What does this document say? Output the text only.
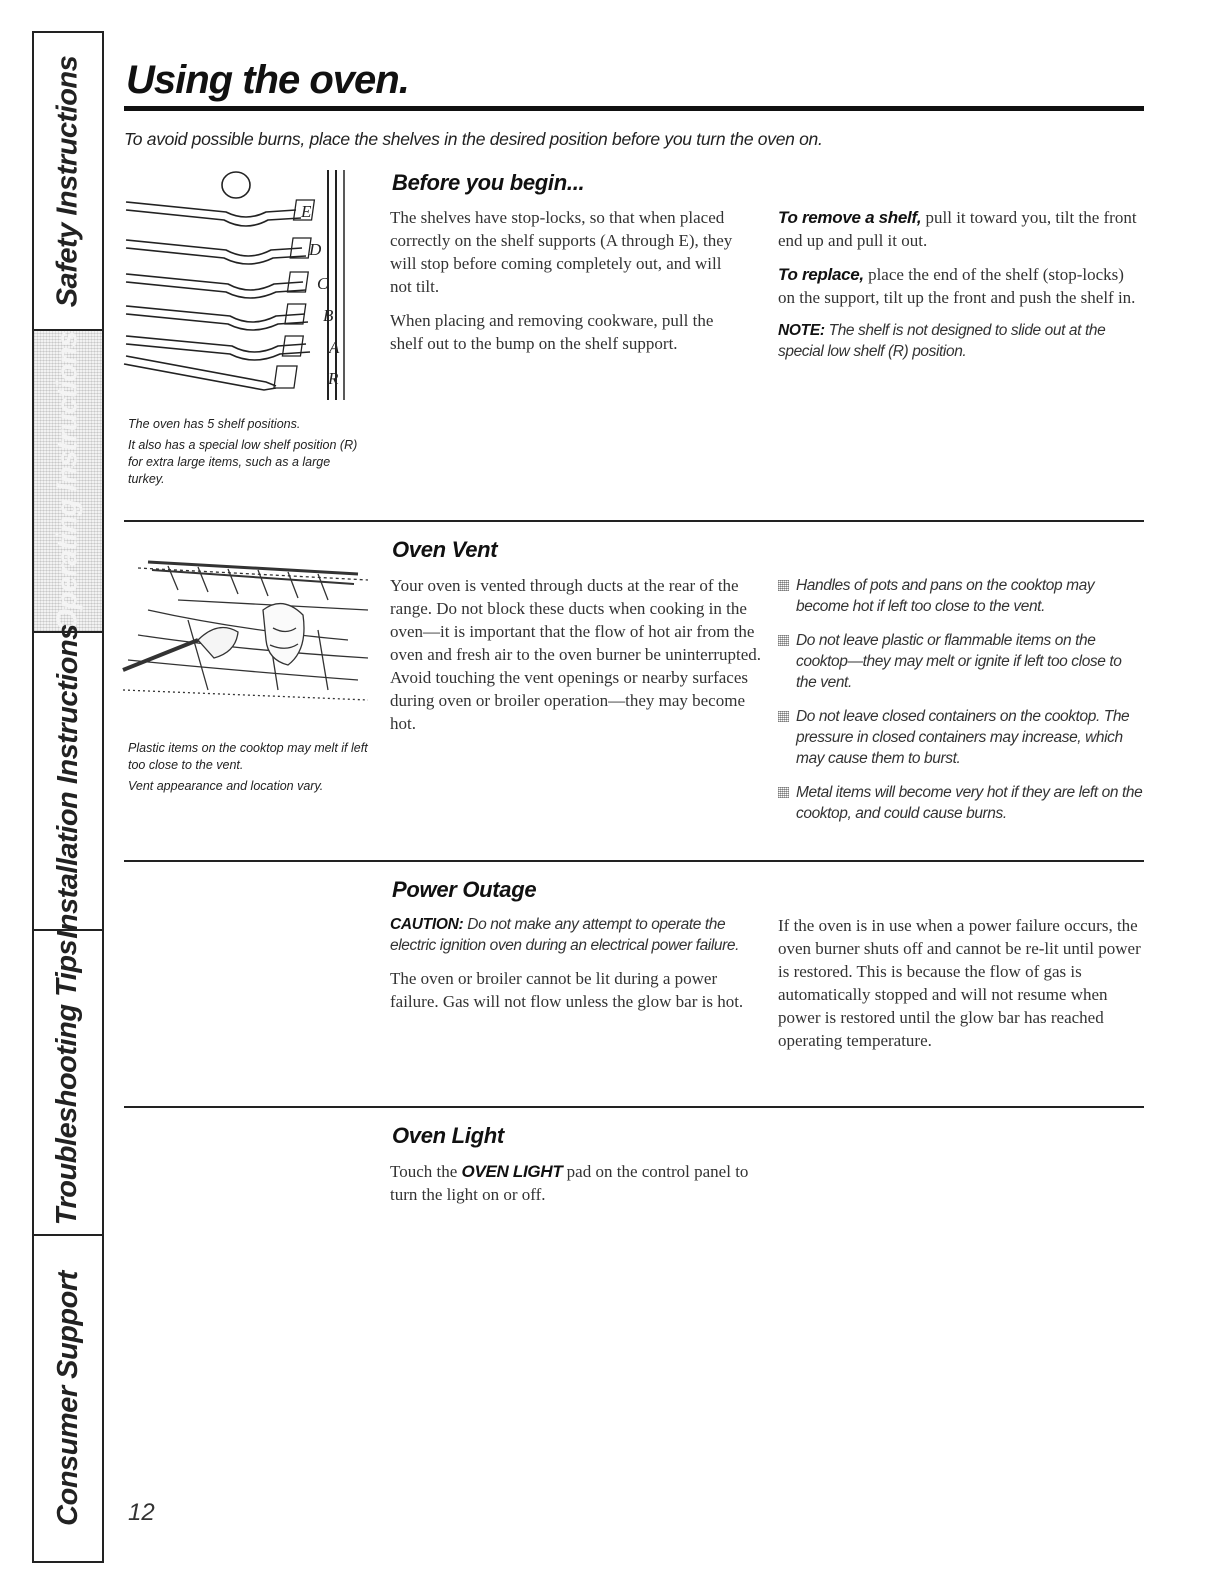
Safety Instructions
Operating Instructions
Installation Instructions
Troubleshooting Tips
Consumer Support
Using the oven.
To avoid possible burns, place the shelves in the desired position before you turn the oven on.
E
D
C
B
A
R

The oven has 5 shelf positions.

It also has a special low shelf position (R) for extra large items, such as a large turkey.

Before you begin...

The shelves have stop-locks, so that when placed correctly on the shelf supports (A through E), they will stop before coming completely out, and will not tilt.

When placing and removing cookware, pull the shelf out to the bump on the shelf support.

To remove a shelf, pull it toward you, tilt the front end up and pull it out.

To replace, place the end of the shelf (stop-locks) on the support, tilt up the front and push the shelf in.

NOTE: The shelf is not designed to slide out at the special low shelf (R) position.

Plastic items on the cooktop may melt if left too close to the vent.

Vent appearance and location vary.

Oven Vent

Your oven is vented through ducts at the rear of the range. Do not block these ducts when cooking in the oven—it is important that the flow of hot air from the oven and fresh air to the oven burner be uninterrupted. Avoid touching the vent openings or nearby surfaces during oven or broiler operation—they may become hot.

Handles of pots and pans on the cooktop may become hot if left too close to the vent.
Do not leave plastic or flammable items on the cooktop—they may melt or ignite if left too close to the vent.
Do not leave closed containers on the cooktop. The pressure in closed containers may increase, which may cause them to burst.
Metal items will become very hot if they are left on the cooktop, and could cause burns.
Power Outage

CAUTION: Do not make any attempt to operate the electric ignition oven during an electrical power failure.

The oven or broiler cannot be lit during a power failure. Gas will not flow unless the glow bar is hot.

If the oven is in use when a power failure occurs, the oven burner shuts off and cannot be re-lit until power is restored. This is because the flow of gas is automatically stopped and will not resume when power is restored until the glow bar has reached operating temperature.

Oven Light

Touch the OVEN LIGHT pad on the control panel to turn the light on or off.

12
